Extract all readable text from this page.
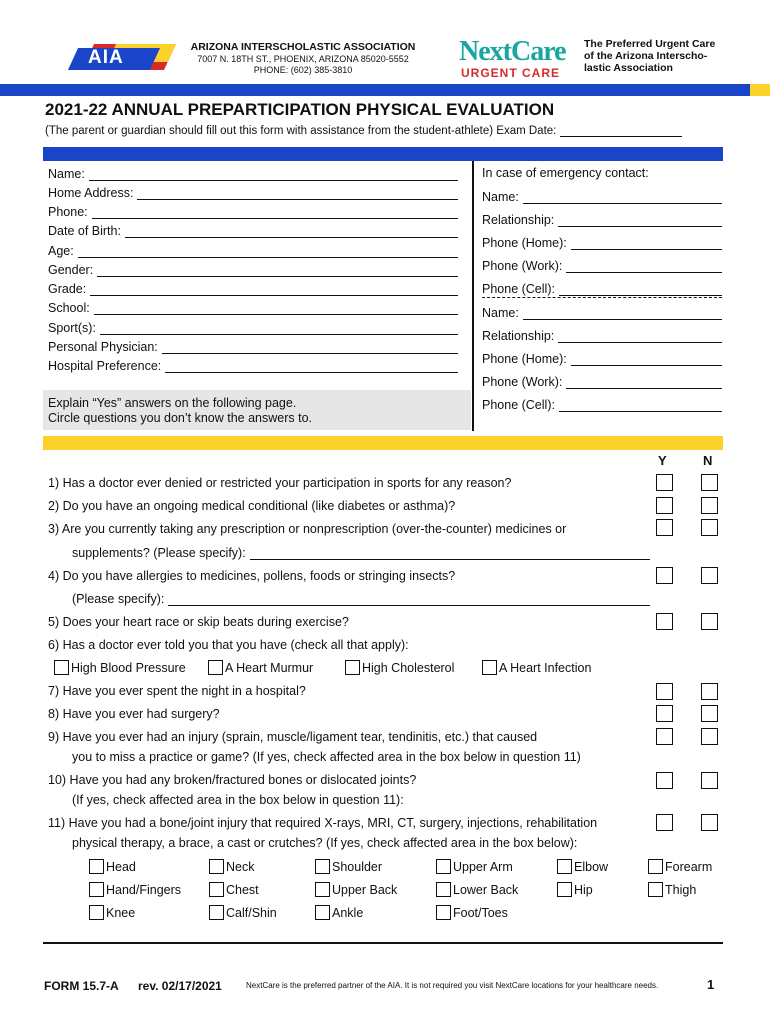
AIA	ARIZONA INTERSCHOLASTIC ASSOCIATION
7007 N. 18TH ST., PHOENIX, ARIZONA 85020-5552
PHONE: (602) 385-3810
NextCare
URGENT CARE
The Preferred Urgent Care
of the Arizona Interscho-
lastic Association
2021-22 ANNUAL PREPARTICIPATION PHYSICAL EVALUATION
(The parent or guardian should fill out this form with assistance from the student-athlete) Exam Date:
Name:
Home Address:
Phone:
Date of Birth:
Age:
Gender:
Grade:
School:
Sport(s):
Personal Physician:
Hospital Preference:
Explain “Yes” answers on the following page.
Circle questions you don’t know the answers to.
In case of emergency contact:
Name:
Relationship:
Phone (Home):
Phone (Work):
Phone (Cell):
Name:
Relationship:
Phone (Home):
Phone (Work):
Phone (Cell):
Y	N
1) Has a doctor ever denied or restricted your participation in sports for any reason?
2) Do you have an ongoing medical conditional (like diabetes or asthma)?
3) Are you currently taking any prescription or nonprescription (over-the-counter) medicines or
supplements? (Please specify):
4) Do you have allergies to medicines, pollens, foods or stringing insects?
(Please specify):
5) Does your heart race or skip beats during exercise?
6) Has a doctor ever told you that you have (check all that apply):
High Blood Pressure	A Heart Murmur	High Cholesterol	A Heart Infection
7) Have you ever spent the night in a hospital?
8) Have you ever had surgery?
9) Have you ever had an injury (sprain, muscle/ligament tear, tendinitis, etc.) that caused
you to miss a practice or game? (If yes, check affected area in the box below in question 11)
10) Have you had any broken/fractured bones or dislocated joints?
(If yes, check affected area in the box below in question 11):
11) Have you had a bone/joint injury that required X-rays, MRI, CT, surgery, injections, rehabilitation
physical therapy, a brace, a cast or crutches? (If yes, check affected area in the box below):
Head	Neck	Shoulder	Upper Arm	Elbow	Forearm
Hand/Fingers	Chest	Upper Back	Lower Back	Hip	Thigh
Knee	Calf/Shin	Ankle	Foot/Toes
FORM 15.7-A rev. 02/17/2021	NextCare is the preferred partner of the AIA. It is not required you visit NextCare locations for your healthcare needs.	1
